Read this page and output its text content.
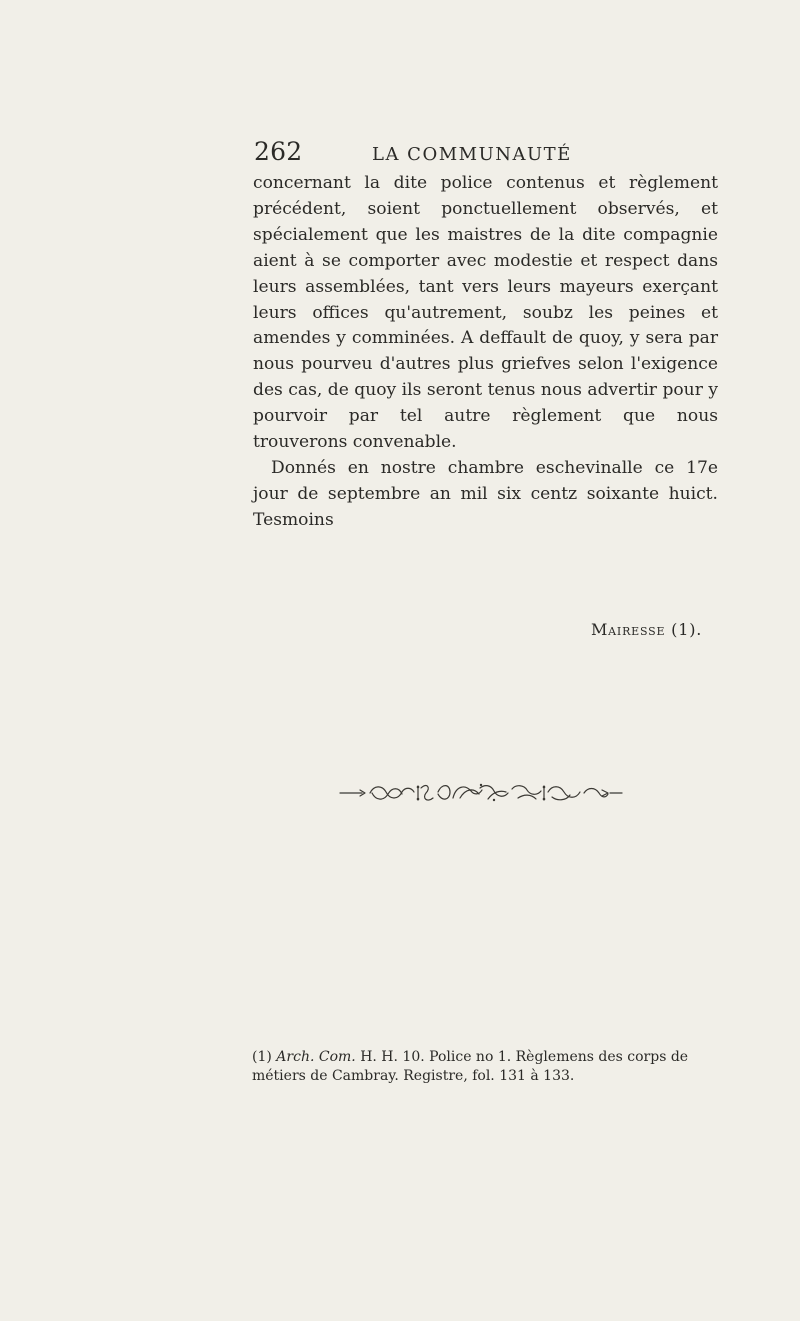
262	LA COMMUNAUTÉ

concernant la dite police contenus et règlement précédent, soient ponctuellement observés, et spécialement que les maistres de la dite compagnie aient à se comporter avec modestie et respect dans leurs assemblées, tant vers leurs mayeurs exerçant leurs offices qu'autrement, soubz les peines et amendes y comminées. A deffault de quoy, y sera par nous pourveu d'autres plus griefves selon l'exigence des cas, de quoy ils seront tenus nous advertir pour y pourvoir par tel autre règlement que nous trouverons convenable.

Donnés en nostre chambre eschevinalle ce 17e jour de septembre an mil six centz soixante huict. Tesmoins

Mairesse (1).
(1) Arch. Com. H. H. 10. Police no 1. Règlemens des corps de métiers de Cambray. Registre, fol. 131 à 133.
